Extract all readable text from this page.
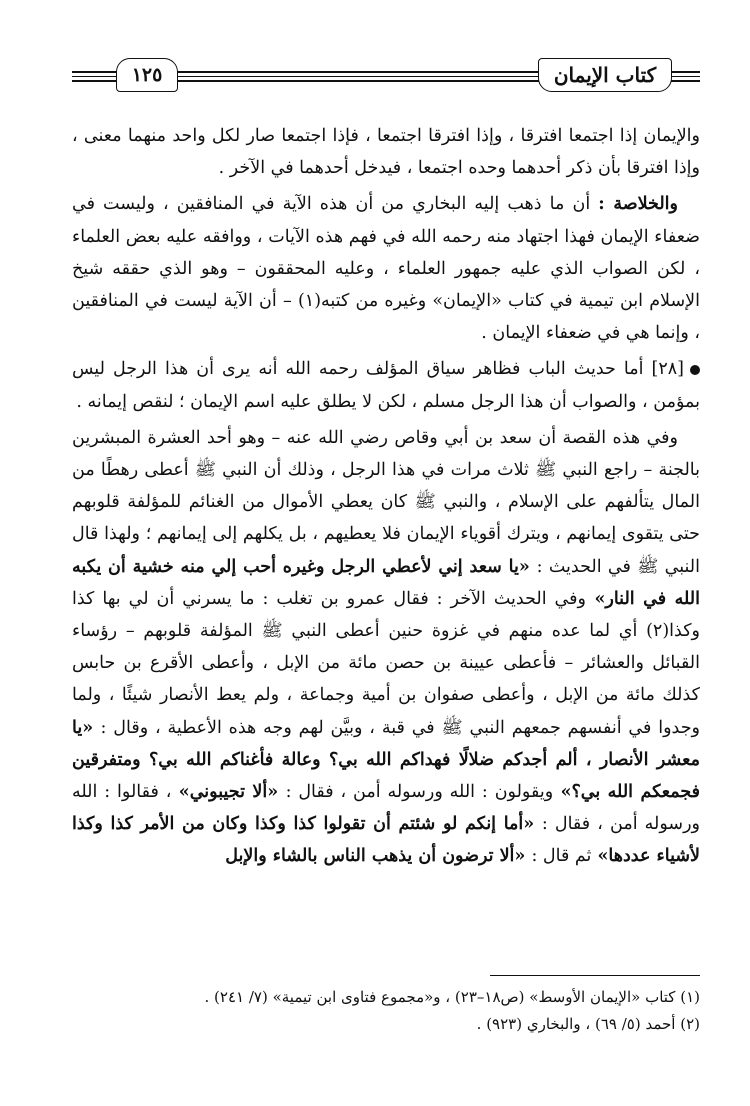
كتاب الإيمان
١٢٥

والإيمان إذا اجتمعا افترقا ، وإذا افترقا اجتمعا ، فإذا اجتمعا صار لكل واحد منهما معنى ، وإذا افترقا بأن ذكر أحدهما وحده اجتمعا ، فيدخل أحدهما في الآخر .

والخلاصة : أن ما ذهب إليه البخاري من أن هذه الآية في المنافقين ، وليست في ضعفاء الإيمان فهذا اجتهاد منه رحمه الله في فهم هذه الآيات ، ووافقه عليه بعض العلماء ، لكن الصواب الذي عليه جمهور العلماء ، وعليه المحققون – وهو الذي حققه شيخ الإسلام ابن تيمية في كتاب «الإيمان» وغيره من كتبه(١) – أن الآية ليست في المنافقين ، وإنما هي في ضعفاء الإيمان .

[٢٨] أما حديث الباب فظاهر سياق المؤلف رحمه الله أنه يرى أن هذا الرجل ليس بمؤمن ، والصواب أن هذا الرجل مسلم ، لكن لا يطلق عليه اسم الإيمان ؛ لنقص إيمانه .

وفي هذه القصة أن سعد بن أبي وقاص رضي الله عنه – وهو أحد العشرة المبشرين بالجنة – راجع النبي ﷺ ثلاث مرات في هذا الرجل ، وذلك أن النبي ﷺ أعطى رهطًا من المال يتألفهم على الإسلام ، والنبي ﷺ كان يعطي الأموال من الغنائم للمؤلفة قلوبهم حتى يتقوى إيمانهم ، ويترك أقوياء الإيمان فلا يعطيهم ، بل يكلهم إلى إيمانهم ؛ ولهذا قال النبي ﷺ في الحديث : «يا سعد إني لأعطي الرجل وغيره أحب إلي منه خشية أن يكبه الله في النار» وفي الحديث الآخر : فقال عمرو بن تغلب : ما يسرني أن لي بها كذا وكذا(٢) أي لما عده منهم في غزوة حنين أعطى النبي ﷺ المؤلفة قلوبهم – رؤساء القبائل والعشائر – فأعطى عيينة بن حصن مائة من الإبل ، وأعطى الأقرع بن حابس كذلك مائة من الإبل ، وأعطى صفوان بن أمية وجماعة ، ولم يعط الأنصار شيئًا ، ولما وجدوا في أنفسهم جمعهم النبي ﷺ في قبة ، وبيَّن لهم وجه هذه الأعطية ، وقال : «يا معشر الأنصار ، ألم أجدكم ضلالًا فهداكم الله بي؟ وعالة فأغناكم الله بي؟ ومتفرقين فجمعكم الله بي؟» ويقولون : الله ورسوله أمن ، فقال : «ألا تجيبوني» ، فقالوا : الله ورسوله أمن ، فقال : «أما إنكم لو شئتم أن تقولوا كذا وكذا وكان من الأمر كذا وكذا لأشياء عددها» ثم قال : «ألا ترضون أن يذهب الناس بالشاء والإبل

(١) كتاب «الإيمان الأوسط» (ص١٨–٢٣) ، و«مجموع فتاوى ابن تيمية» (٧/ ٢٤١) .

(٢) أحمد (٥/ ٦٩) ، والبخاري (٩٢٣) .
